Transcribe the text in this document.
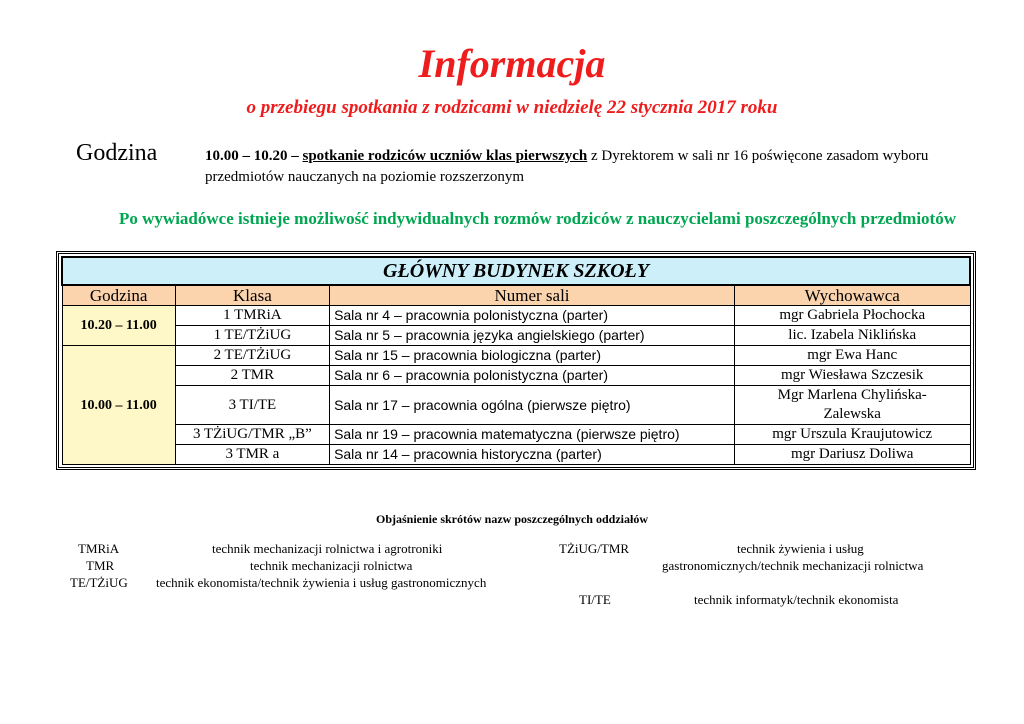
Informacja
o przebiegu spotkania z rodzicami w niedzielę 22 stycznia 2017 roku
Godzina	10.00 – 10.20 – spotkanie rodziców uczniów klas pierwszych z Dyrektorem w sali nr 16 poświęcone zasadom wyboru przedmiotów nauczanych na poziomie rozszerzonym
Po wywiadówce istnieje możliwość indywidualnych rozmów rodziców z nauczycielami poszczególnych przedmiotów
GŁÓWNY BUDYNEK SZKOŁY			
Godzina	Klasa	Numer sali	Wychowawca
10.20 – 11.00	1 TMRiA	Sala nr 4 – pracownia polonistyczna (parter)	mgr Gabriela Płochocka
	1 TE/TŻiUG	Sala nr 5 – pracownia języka angielskiego (parter)	lic. Izabela Niklińska
10.00 – 11.00	2 TE/TŻiUG	Sala nr 15 – pracownia biologiczna (parter)	mgr Ewa Hanc
	2 TMR	Sala nr 6 – pracownia polonistyczna (parter)	mgr Wiesława Szczesik
	3 TI/TE	Sala nr 17 – pracownia ogólna (pierwsze piętro)	Mgr Marlena Chylińska-Zalewska
	3 TŻiUG/TMR „B”	Sala nr 19 – pracownia matematyczna (pierwsze piętro)	mgr Urszula Kraujutowicz
	3 TMR a	Sala nr 14 – pracownia historyczna (parter)	mgr Dariusz Doliwa
Objaśnienie skrótów nazw poszczególnych oddziałów
TMRiA	technik mechanizacji rolnictwa i agrotroniki
TMR	technik mechanizacji rolnictwa
TE/TŻiUG technik ekonomista/technik żywienia i usług gastronomicznych
TŻiUG/TMR	technik żywienia i usług
gastronomicznych/technik mechanizacji rolnictwa
TI/TE	technik informatyk/technik ekonomista
